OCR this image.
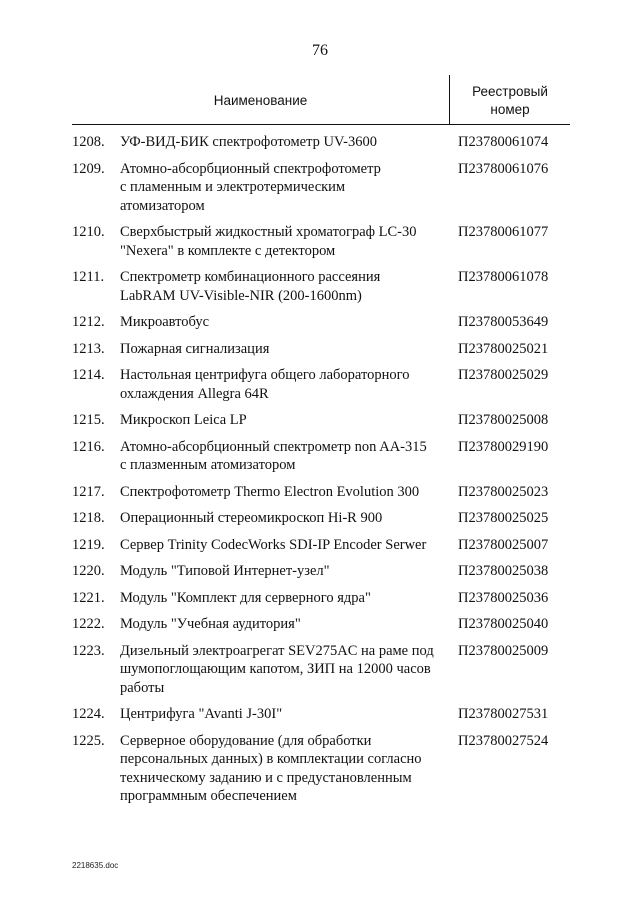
76
Наименование
Реестровый
номер
1208.	УФ-ВИД-БИК спектрофотометр UV-3600	П23780061074
1209.	Атомно-абсорбционный спектрофотометр
с пламенным и электротермическим
атомизатором
П23780061076
1210.	Сверхбыстрый жидкостный хроматограф LC-30
"Nexera" в комплекте с детектором
П23780061077
1211.	Спектрометр комбинационного рассеяния
LabRAM UV-Visible-NIR (200-1600nm)
П23780061078
1212.	Микроавтобус	П23780053649
1213.	Пожарная сигнализация	П23780025021
1214.	Настольная центрифуга общего лабораторного
охлаждения Allegra 64R
П23780025029
1215.	Микроскоп Leica LP	П23780025008
1216.	Атомно-абсорбционный спектрометр non AA-315
с плазменным атомизатором
П23780029190
1217.	Спектрофотометр Thermo Electron Evolution 300	П23780025023
1218.	Операционный стереомикроскоп Hi-R 900	П23780025025
1219.	Сервер Trinity CodecWorks SDI-IP Encoder Serwer	П23780025007
1220.	Модуль "Типовой Интернет-узел"	П23780025038
1221.	Модуль "Комплект для серверного ядра"	П23780025036
1222.	Модуль "Учебная аудитория"	П23780025040
1223.	Дизельный электроагрегат SEV275AC на раме под
шумопоглощающим капотом, ЗИП на 12000 часов
работы
П23780025009
1224.	Центрифуга "Avanti J-30I"	П23780027531
1225.	Серверное оборудование (для обработки
персональных данных) в комплектации согласно
техническому заданию и с предустановленным
программным обеспечением
П23780027524
2218635.doc
